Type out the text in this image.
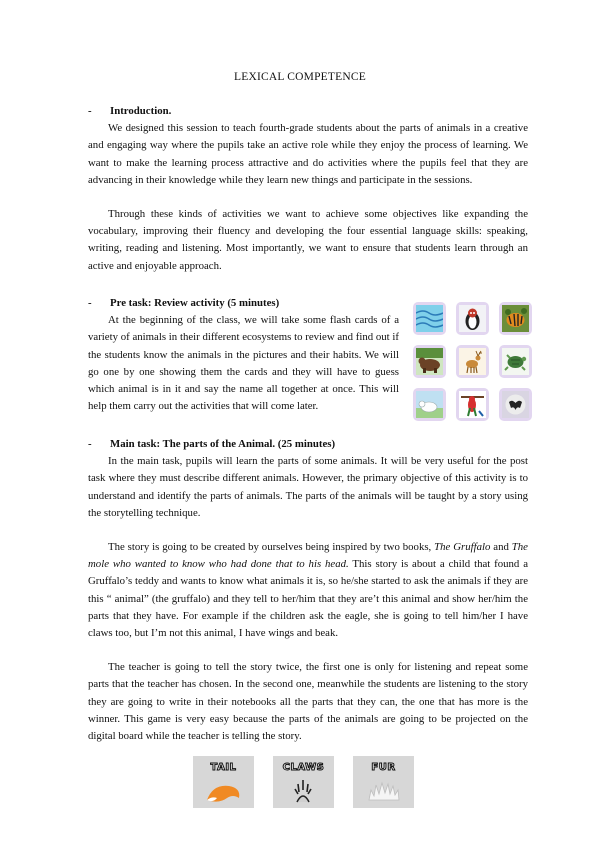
LEXICAL COMPETENCE
- Introduction.

We designed this session to teach fourth-grade students about the parts of animals in a creative and engaging way where the pupils take an active role while they enjoy the process of learning. We want to make the learning process attractive and do activities where the pupils feel that they are advancing in their knowledge while they learn new things and participate in the sessions.

Through these kinds of activities we want to achieve some objectives like expanding the vocabulary, improving their fluency and developing the four essential language skills: speaking, writing, reading and listening. Most importantly, we want to ensure that students learn through an active and enjoyable approach.

- Pre task: Review activity (5 minutes)

At the beginning of the class, we will take some flash cards of a variety of animals in their different ecosystems to review and find out if the students know the animals in the pictures and their habits. We will go one by one showing them the cards and they will have to guess which animal is in it and say the name all together at once. This will help them carry out the activities that will come later.

- Main task: The parts of the Animal. (25 minutes)

In the main task, pupils will learn the parts of some animals. It will be very useful for the post task where they must describe different animals. However, the primary objective of this activity is to understand and identify the parts of animals. The parts of the animals will be taught by a story using the storytelling technique.

The story is going to be created by ourselves being inspired by two books, The Gruffalo and The mole who wanted to know who had done that to his head. This story is about a child that found a Gruffalo’s teddy and wants to know what animals it is, so he/she started to ask the animals if they are this “ animal” (the gruffalo) and they tell to her/him that they are’t this animal and show her/him the parts that they have. For example if the children ask the eagle, she is going to tell him/her I have claws too, but I’m not this animal, I have wings and beak.

The teacher is going to tell the story twice, the first one is only for listening and repeat some parts that the teacher has chosen. In the second one, meanwhile the students are listening to the story they are going to write in their notebooks all the parts that they can, the one that has more is the winner. This game is very easy because the parts of the animals are going to be projected on the digital board while the teacher is telling the story.

TAIL	CLAWS	FUR
